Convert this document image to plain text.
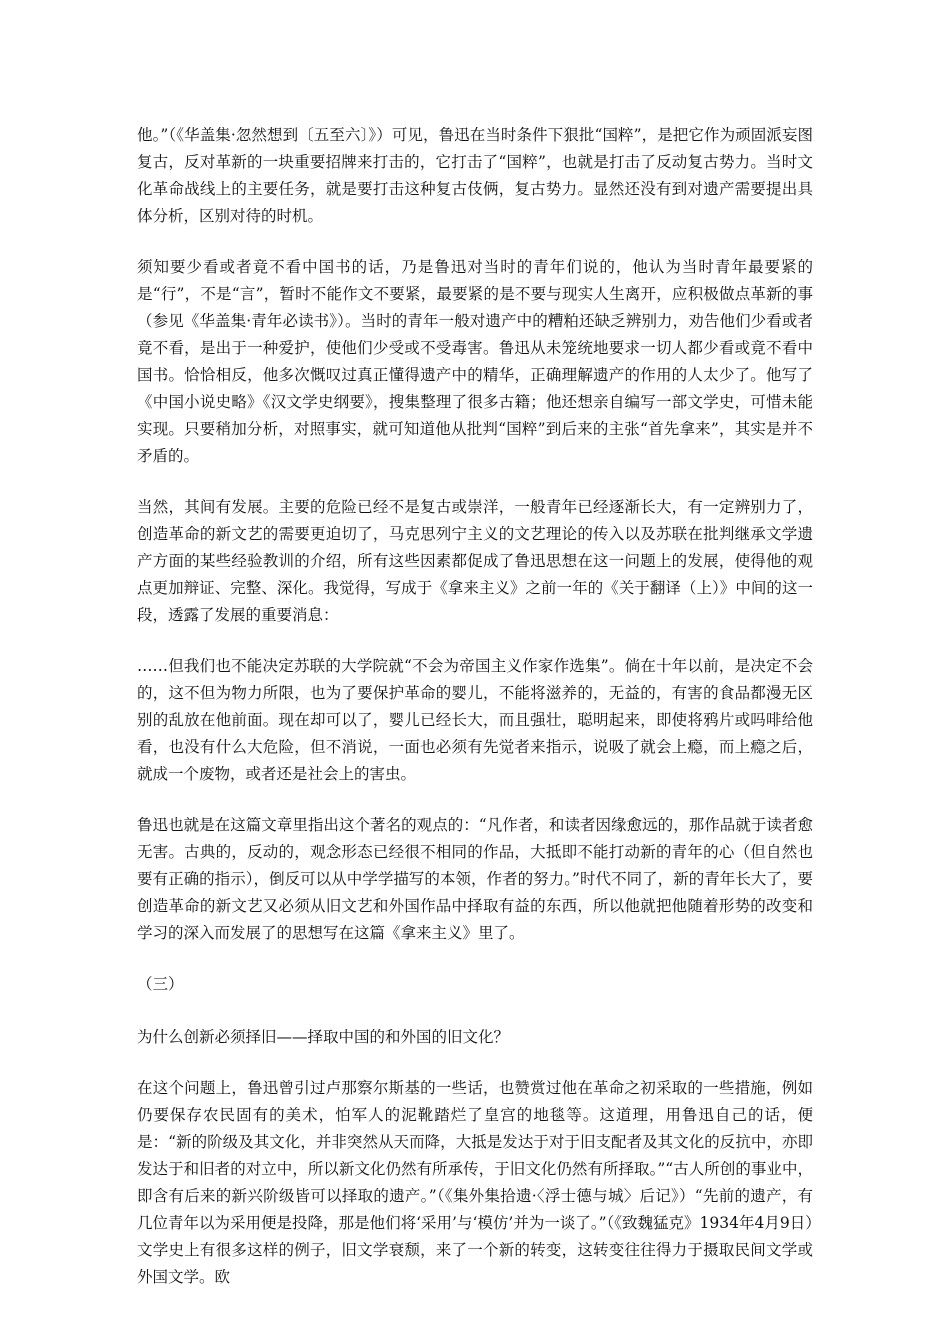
他。”（《华盖集·忽然想到〔五至六〕》）可见，鲁迅在当时条件下狠批“国粹”，是把它作为顽固派妄图复古，反对革新的一块重要招牌来打击的，它打击了“国粹”，也就是打击了反动复古势力。当时文化革命战线上的主要任务，就是要打击这种复古伎俩，复古势力。显然还没有到对遗产需要提出具体分析，区别对待的时机。

须知要少看或者竟不看中国书的话，乃是鲁迅对当时的青年们说的，他认为当时青年最要紧的是“行”，不是“言”，暂时不能作文不要紧，最要紧的是不要与现实人生离开，应积极做点革新的事（参见《华盖集·青年必读书》）。当时的青年一般对遗产中的糟粕还缺乏辨别力，劝告他们少看或者竟不看，是出于一种爱护，使他们少受或不受毒害。鲁迅从未笼统地要求一切人都少看或竟不看中国书。恰恰相反，他多次慨叹过真正懂得遗产中的精华，正确理解遗产的作用的人太少了。他写了《中国小说史略》《汉文学史纲要》，搜集整理了很多古籍；他还想亲自编写一部文学史，可惜未能实现。只要稍加分析，对照事实，就可知道他从批判“国粹”到后来的主张“首先拿来”，其实是并不矛盾的。

当然，其间有发展。主要的危险已经不是复古或崇洋，一般青年已经逐渐长大，有一定辨别力了，创造革命的新文艺的需要更迫切了，马克思列宁主义的文艺理论的传入以及苏联在批判继承文学遗产方面的某些经验教训的介绍，所有这些因素都促成了鲁迅思想在这一问题上的发展，使得他的观点更加辩证、完整、深化。我觉得，写成于《拿来主义》之前一年的《关于翻译（上）》中间的这一段，透露了发展的重要消息：

……但我们也不能决定苏联的大学院就“不会为帝国主义作家作选集”。倘在十年以前，是决定不会的，这不但为物力所限，也为了要保护革命的婴儿，不能将滋养的，无益的，有害的食品都漫无区别的乱放在他前面。现在却可以了，婴儿已经长大，而且强壮，聪明起来，即使将鸦片或吗啡给他看，也没有什么大危险，但不消说，一面也必须有先觉者来指示，说吸了就会上瘾，而上瘾之后，就成一个废物，或者还是社会上的害虫。

鲁迅也就是在这篇文章里指出这个著名的观点的：“凡作者，和读者因缘愈远的，那作品就于读者愈无害。古典的，反动的，观念形态已经很不相同的作品，大抵即不能打动新的青年的心（但自然也要有正确的指示），倒反可以从中学学描写的本领，作者的努力。”时代不同了，新的青年长大了，要创造革命的新文艺又必须从旧文艺和外国作品中择取有益的东西，所以他就把他随着形势的改变和学习的深入而发展了的思想写在这篇《拿来主义》里了。

（三）

为什么创新必须择旧——择取中国的和外国的旧文化？

在这个问题上，鲁迅曾引过卢那察尔斯基的一些话，也赞赏过他在革命之初采取的一些措施，例如仍要保存农民固有的美术，怕军人的泥靴踏烂了皇宫的地毯等。这道理，用鲁迅自己的话，便是：“新的阶级及其文化，并非突然从天而降，大抵是发达于对于旧支配者及其文化的反抗中，亦即发达于和旧者的对立中，所以新文化仍然有所承传，于旧文化仍然有所择取。”“古人所创的事业中，即含有后来的新兴阶级皆可以择取的遗产。”（《集外集拾遗·〈浮士德与城〉后记》）“先前的遗产，有几位青年以为采用便是投降，那是他们将‘采用’与‘模仿’并为一谈了。”（《致魏猛克》1934年4月9日）文学史上有很多这样的例子，旧文学衰颓，来了一个新的转变，这转变往往得力于摄取民间文学或外国文学。欧
